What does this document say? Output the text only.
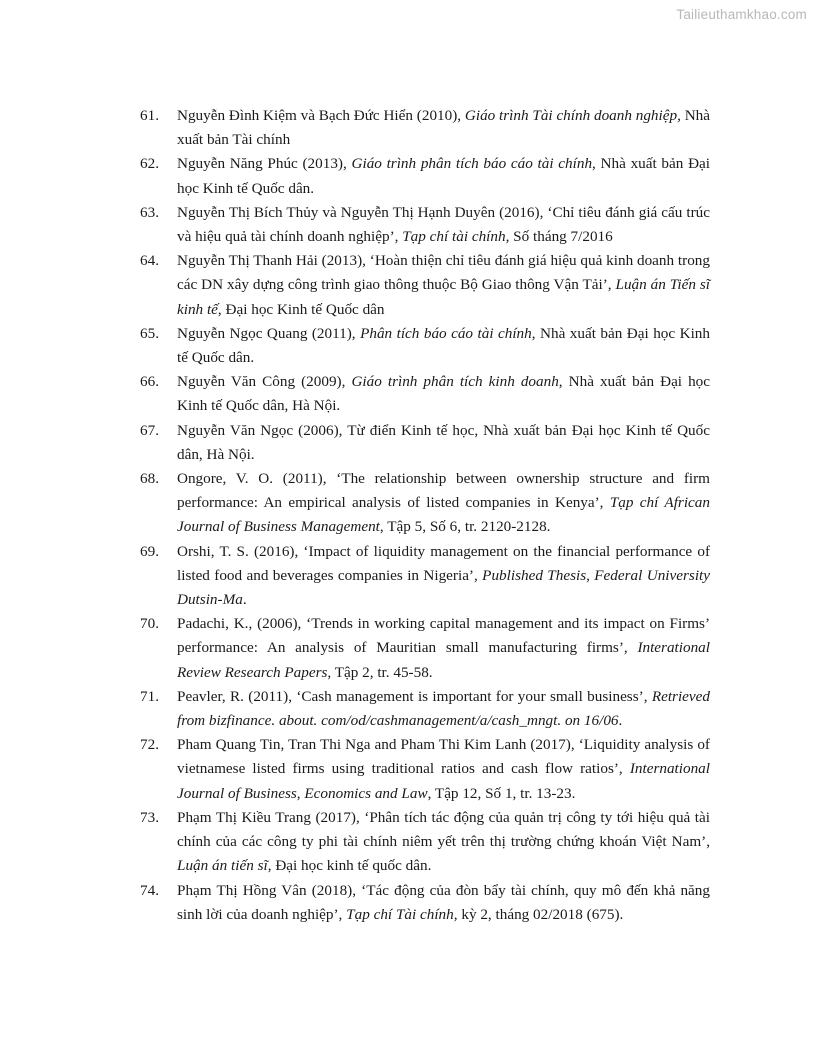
Tailieuthamkhao.com
61. Nguyễn Đình Kiệm và Bạch Đức Hiển (2010), Giáo trình Tài chính doanh nghiệp, Nhà xuất bản Tài chính
62. Nguyễn Năng Phúc (2013), Giáo trình phân tích báo cáo tài chính, Nhà xuất bản Đại học Kinh tế Quốc dân.
63. Nguyễn Thị Bích Thủy và Nguyễn Thị Hạnh Duyên (2016), ‘Chỉ tiêu đánh giá cấu trúc và hiệu quả tài chính doanh nghiệp’, Tạp chí tài chính, Số tháng 7/2016
64. Nguyễn Thị Thanh Hải (2013), ‘Hoàn thiện chỉ tiêu đánh giá hiệu quả kinh doanh trong các DN xây dựng công trình giao thông thuộc Bộ Giao thông Vận Tải’, Luận án Tiến sĩ kinh tế, Đại học Kinh tế Quốc dân
65. Nguyễn Ngọc Quang (2011), Phân tích báo cáo tài chính, Nhà xuất bản Đại học Kinh tế Quốc dân.
66. Nguyễn Văn Công (2009), Giáo trình phân tích kinh doanh, Nhà xuất bản Đại học Kinh tế Quốc dân, Hà Nội.
67. Nguyễn Văn Ngọc (2006), Từ điển Kinh tế học, Nhà xuất bản Đại học Kinh tế Quốc dân, Hà Nội.
68. Ongore, V. O. (2011), ‘The relationship between ownership structure and firm performance: An empirical analysis of listed companies in Kenya’, Tạp chí African Journal of Business Management, Tập 5, Số 6, tr. 2120-2128.
69. Orshi, T. S. (2016), ‘Impact of liquidity management on the financial performance of listed food and beverages companies in Nigeria’, Published Thesis, Federal University Dutsin-Ma.
70. Padachi, K., (2006), ‘Trends in working capital management and its impact on Firms’ performance: An analysis of Mauritian small manufacturing firms’, Interational Review Research Papers, Tập 2, tr. 45-58.
71. Peavler, R. (2011), ‘Cash management is important for your small business’, Retrieved from bizfinance. about. com/od/cashmanagement/a/cash_mngt. on 16/06.
72. Pham Quang Tin, Tran Thi Nga and Pham Thi Kim Lanh (2017), ‘Liquidity analysis of vietnamese listed firms using traditional ratios and cash flow ratios’, International Journal of Business, Economics and Law, Tập 12, Số 1, tr. 13-23.
73. Phạm Thị Kiều Trang (2017), ‘Phân tích tác động của quản trị công ty tới hiệu quả tài chính của các công ty phi tài chính niêm yết trên thị trường chứng khoán Việt Nam’, Luận án tiến sĩ, Đại học kinh tế quốc dân.
74. Phạm Thị Hồng Vân (2018), ‘Tác động của đòn bẩy tài chính, quy mô đến khả năng sinh lời của doanh nghiệp’, Tạp chí Tài chính, kỳ 2, tháng 02/2018 (675).
